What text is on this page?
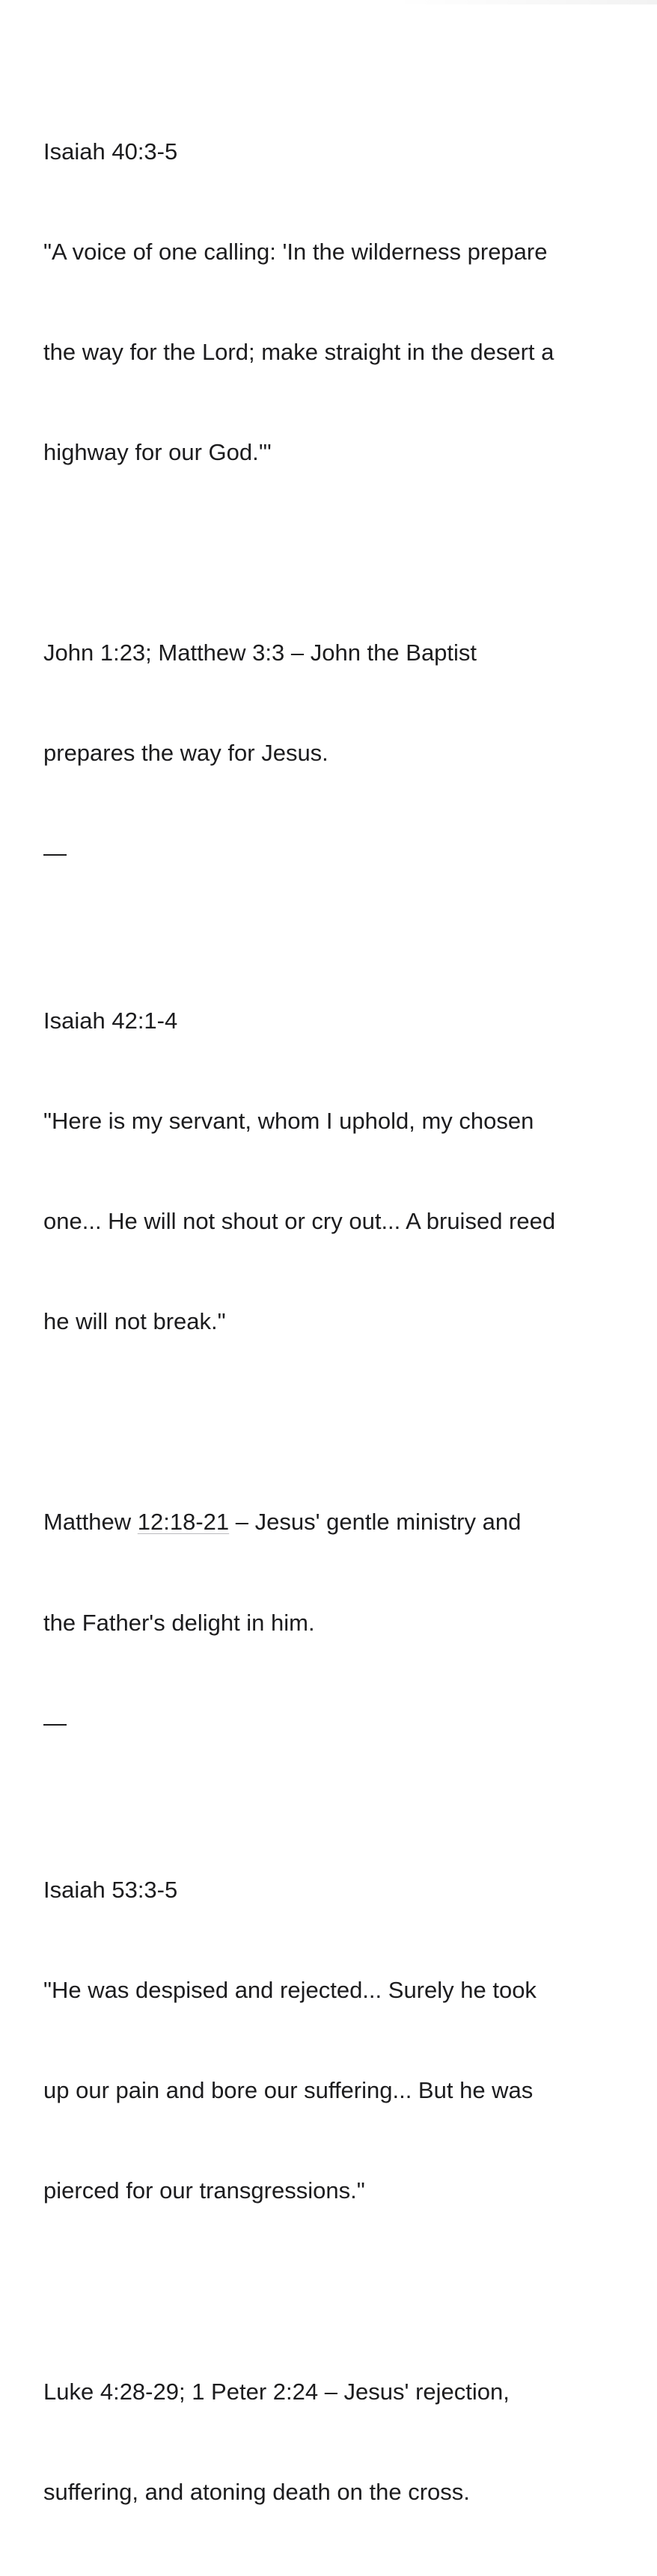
Isaiah 40:3-5

"A voice of one calling: 'In the wilderness prepare

the way for the Lord; make straight in the desert a

highway for our God.'"

John 1:23; Matthew 3:3 – John the Baptist

prepares the way for Jesus.

—

Isaiah 42:1-4

"Here is my servant, whom I uphold, my chosen

one... He will not shout or cry out... A bruised reed

he will not break."

Matthew 12:18-21 – Jesus' gentle ministry and

the Father's delight in him.

—

Isaiah 53:3-5

"He was despised and rejected... Surely he took

up our pain and bore our suffering... But he was

pierced for our transgressions."

Luke 4:28-29; 1 Peter 2:24 – Jesus' rejection,

suffering, and atoning death on the cross.
